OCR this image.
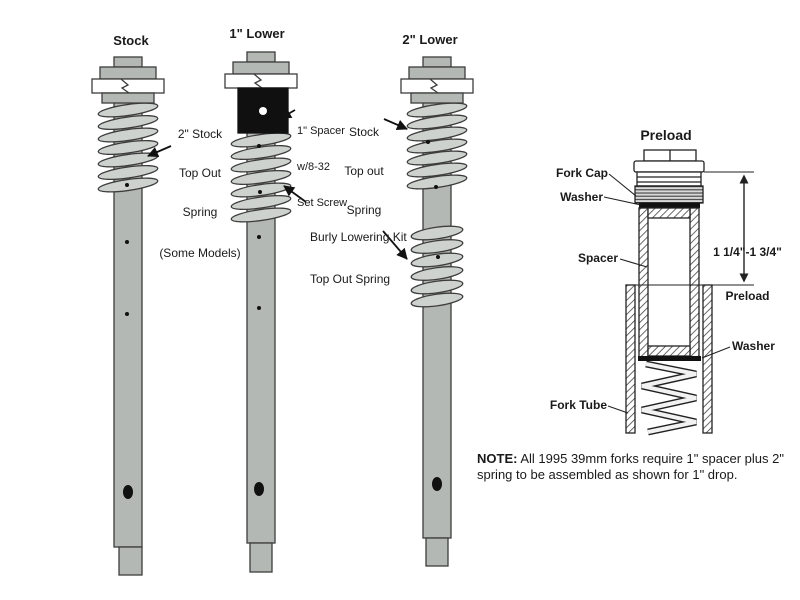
Stock	1" Lower	2" Lower

2" Stock

Top Out

Spring

(Some Models)

1" Spacer

w/8-32

Set Screw

Stock

Top out

Spring

Burly Lowering Kit

Top Out Spring

Preload
Fork Cap
Washer
Spacer
Washer
Fork Tube

1 1/4"-1 3/4"

Preload

NOTE: All 1995 39mm forks require 1" spacer plus 2" spring to be assembled as shown for 1" drop.
